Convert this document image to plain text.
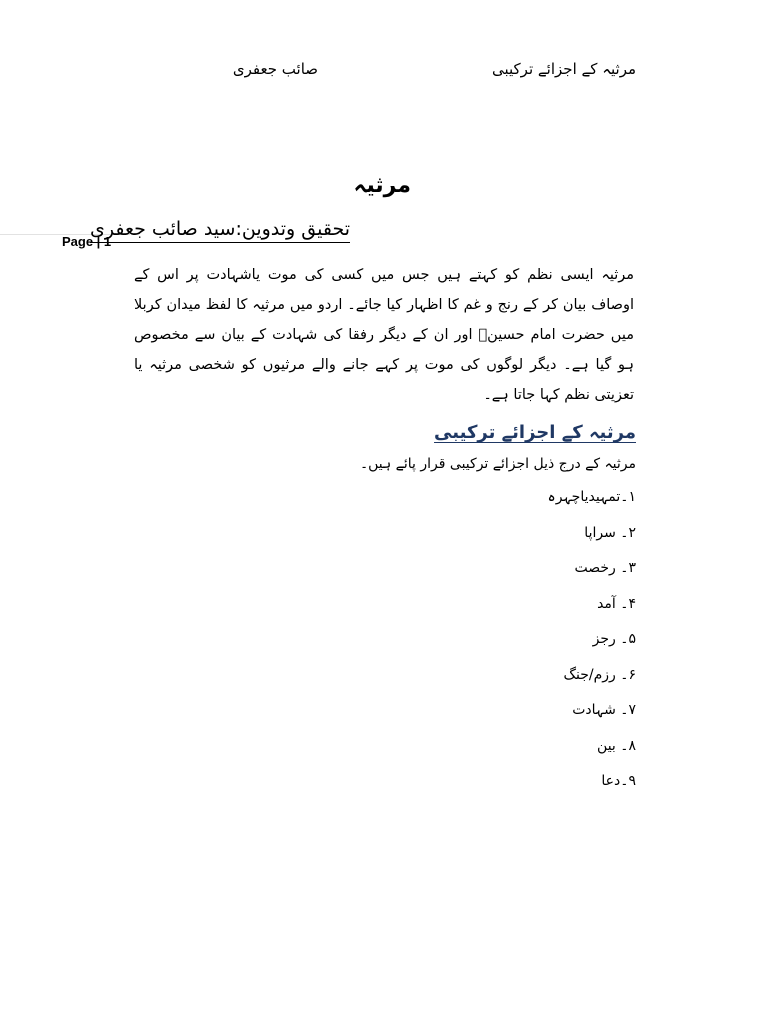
مرثیہ کے اجزائے ترکیبی
صائب جعفری
مرثیہ
Page | 1
تحقیق وتدوین:سید صائب جعفری

مرثیہ ایسی نظم کو کہتے ہیں جس میں کسی کی موت یاشہادت پر اس کے اوصاف بیان کر کے رنج و غم کا اظہار کیا جائے۔ اردو میں مرثیہ کا لفظ میدان کربلا میں حضرت امام حسینؑ اور ان کے دیگر رفقا کی شہادت کے بیان سے مخصوص ہو گیا ہے۔ دیگر لوگوں کی موت پر کہے جانے والے مرثیوں کو شخصی مرثیہ یا تعزیتی نظم کہا جاتا ہے۔

مرثیہ کے اجزائے ترکیبی
مرثیہ کے درج ذیل اجزائے ترکیبی قرار پائے ہیں۔
۱۔تمہیدیاچہرہ
۲۔ سراپا
۳۔ رخصت
۴۔ آمد
۵۔ رجز
۶۔ رزم/جنگ
۷۔ شہادت
۸۔ بین
۹۔دعا
